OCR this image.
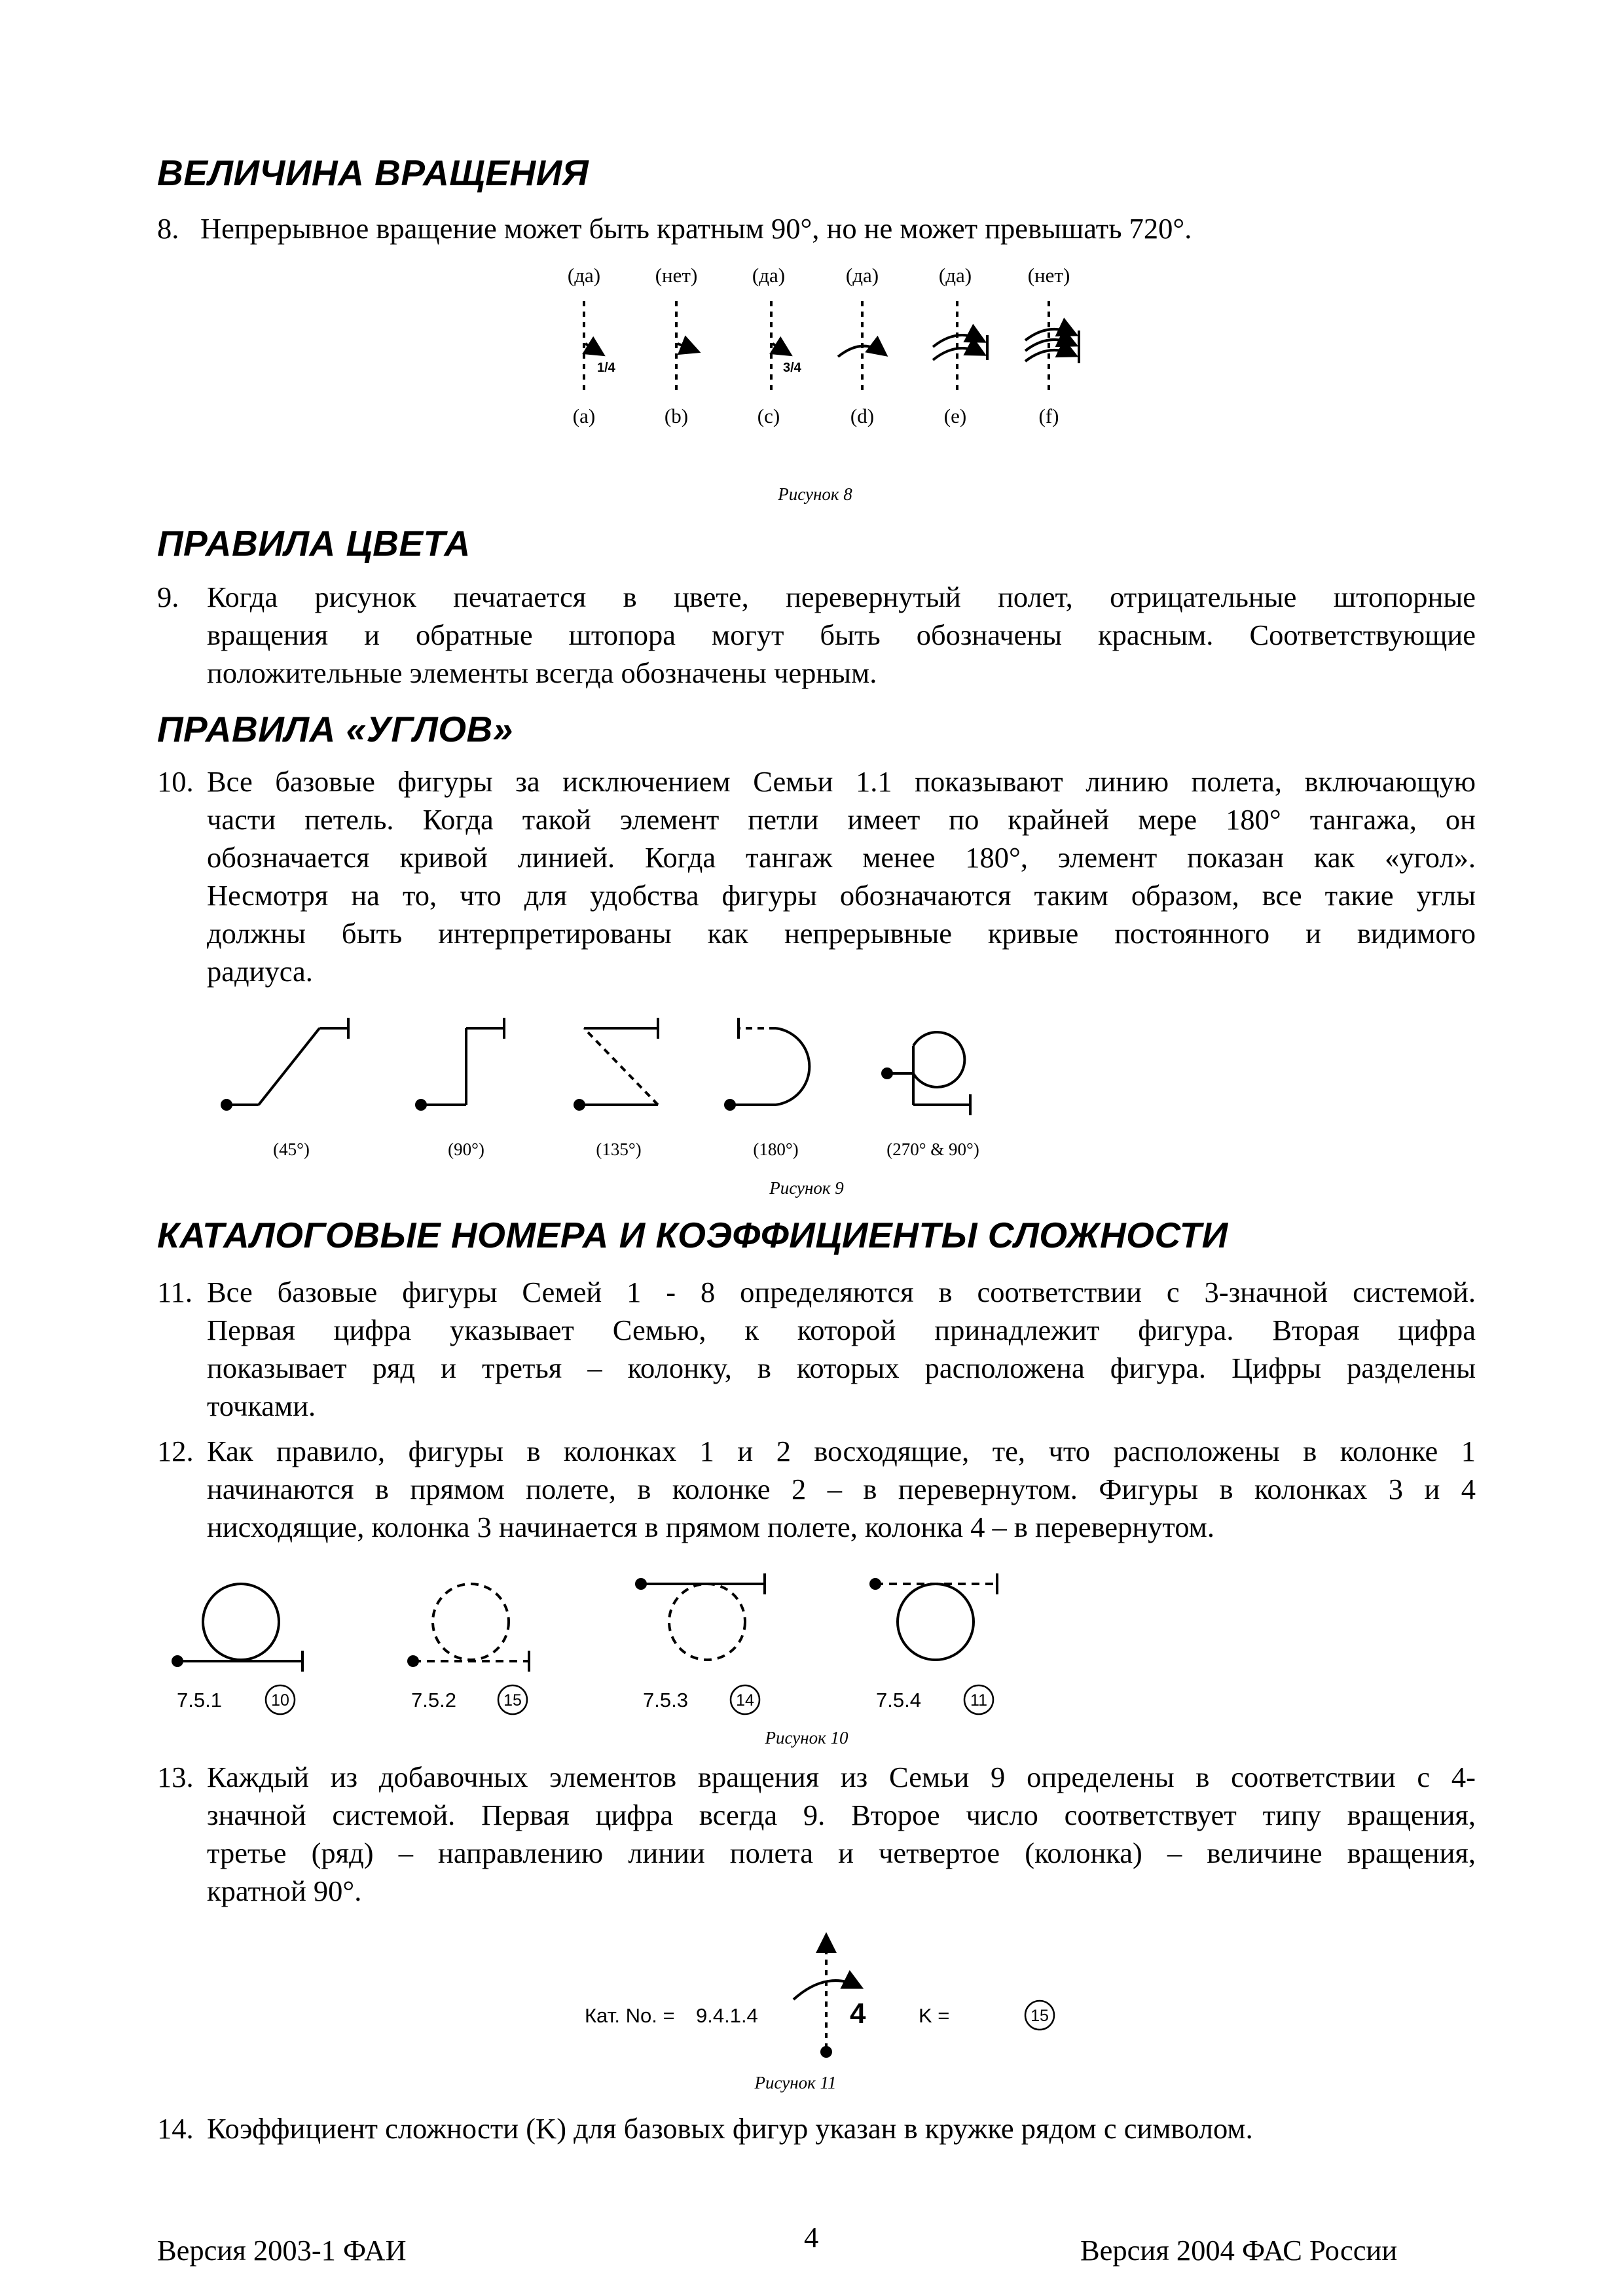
ВЕЛИЧИНА ВРАЩЕНИЯ
ПРАВИЛА ЦВЕТА
ПРАВИЛА «УГЛОВ»
КАТАЛОГОВЫЕ НОМЕРА И КОЭФФИЦИЕНТЫ СЛОЖНОСТИ
8. Непрерывное вращение может быть кратным 90°, но не может превышать 720°.
9. Когда рисунок печатается в цвете, перевернутый полет, отрицательные штопорные
вращения и обратные штопора могут быть обозначены красным. Соответствующие
положительные элементы всегда обозначены черным.
10. Все базовые фигуры за исключением Семьи 1.1 показывают линию полета, включающую
части петель. Когда такой элемент петли имеет по крайней мере 180° тангажа, он
обозначается кривой линией. Когда тангаж менее 180°, элемент показан как «угол».
Несмотря на то, что для удобства фигуры обозначаются таким образом, все такие углы
должны быть интерпретированы как непрерывные кривые постоянного и видимого
радиуса.
11. Все базовые фигуры Семей 1 - 8 определяются в соответствии с 3-значной системой.
Первая цифра указывает Семью, к которой принадлежит фигура. Вторая цифра
показывает ряд и третья – колонку, в которых расположена фигура. Цифры разделены
точками.
12. Как правило, фигуры в колонках 1 и 2 восходящие, те, что расположены в колонке 1
начинаются в прямом полете, в колонке 2 – в перевернутом. Фигуры в колонках 3 и 4
нисходящие, колонка 3 начинается в прямом полете, колонка 4 – в перевернутом.
13. Каждый из добавочных элементов вращения из Семьи 9 определены в соответствии с 4-
значной системой. Первая цифра всегда 9. Второе число соответствует типу вращения,
третье (ряд) – направлению линии полета и четвертое (колонка) – величине вращения,
кратной 90°.
14. Коэффициент сложности (K) для базовых фигур указан в кружке рядом с символом.
(да)	(нет)	(да)	(да)	(да)	(нет)
1/4	3/4
(a)	(b)	(c)	(d)	(e)	(f)
Рисунок 8
(45°)	(90°)	(135°)	(180°)	(270° & 90°)
Рисунок 9
7.5.1	10	7.5.2	15	7.5.3	14	7.5.4	11
Рисунок 10
Кат. No. = 9.4.1.4	4	K =	15
Рисунок 11
Версия 2003-1 ФАИ	4	Версия 2004 ФАС России
